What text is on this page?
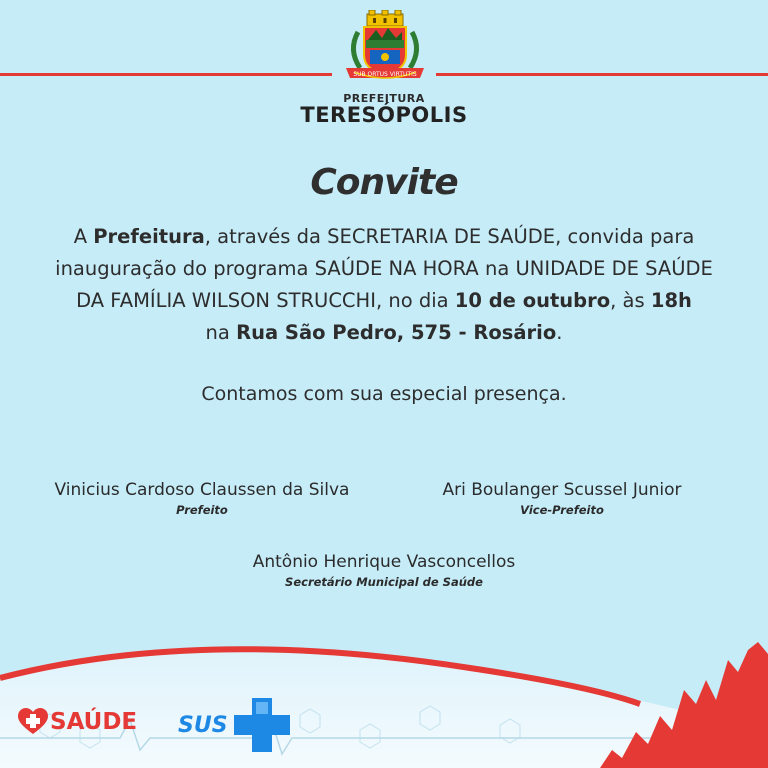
SUB ORTUS VIRTUTIS
PREFEITURA
TERESÓPOLIS
Convite
A Prefeitura, através da SECRETARIA DE SAÚDE, convida para
inauguração do programa SAÚDE NA HORA na UNIDADE DE SAÚDE
DA FAMÍLIA WILSON STRUCCHI, no dia 10 de outubro, às 18h
na Rua São Pedro, 575 - Rosário.
Contamos com sua especial presença.
Vinicius Cardoso Claussen da Silva
Prefeito
Ari Boulanger Scussel Junior
Vice-Prefeito
Antônio Henrique Vasconcellos
Secretário Municipal de Saúde
SAÚDE SUS
